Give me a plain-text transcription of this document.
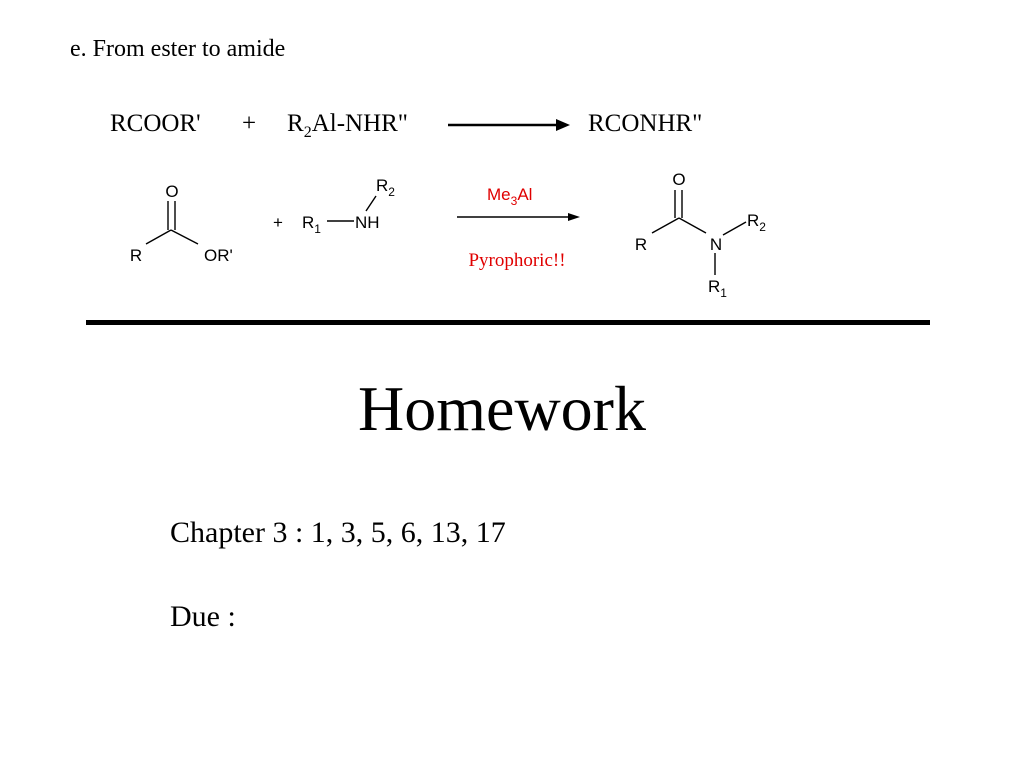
e. From ester to amide
RCOOR' + $R_2Al$-NHR"	RCONHR"
O
R	OR'
+ $R_1$ NH
$R_2$	$Me_3Al$
Pyrophoric!!
O
R	N
$R_2$
$R_1$
Homework
Chapter 3 : 1, 3, 5, 6, 13, 17
Due :
